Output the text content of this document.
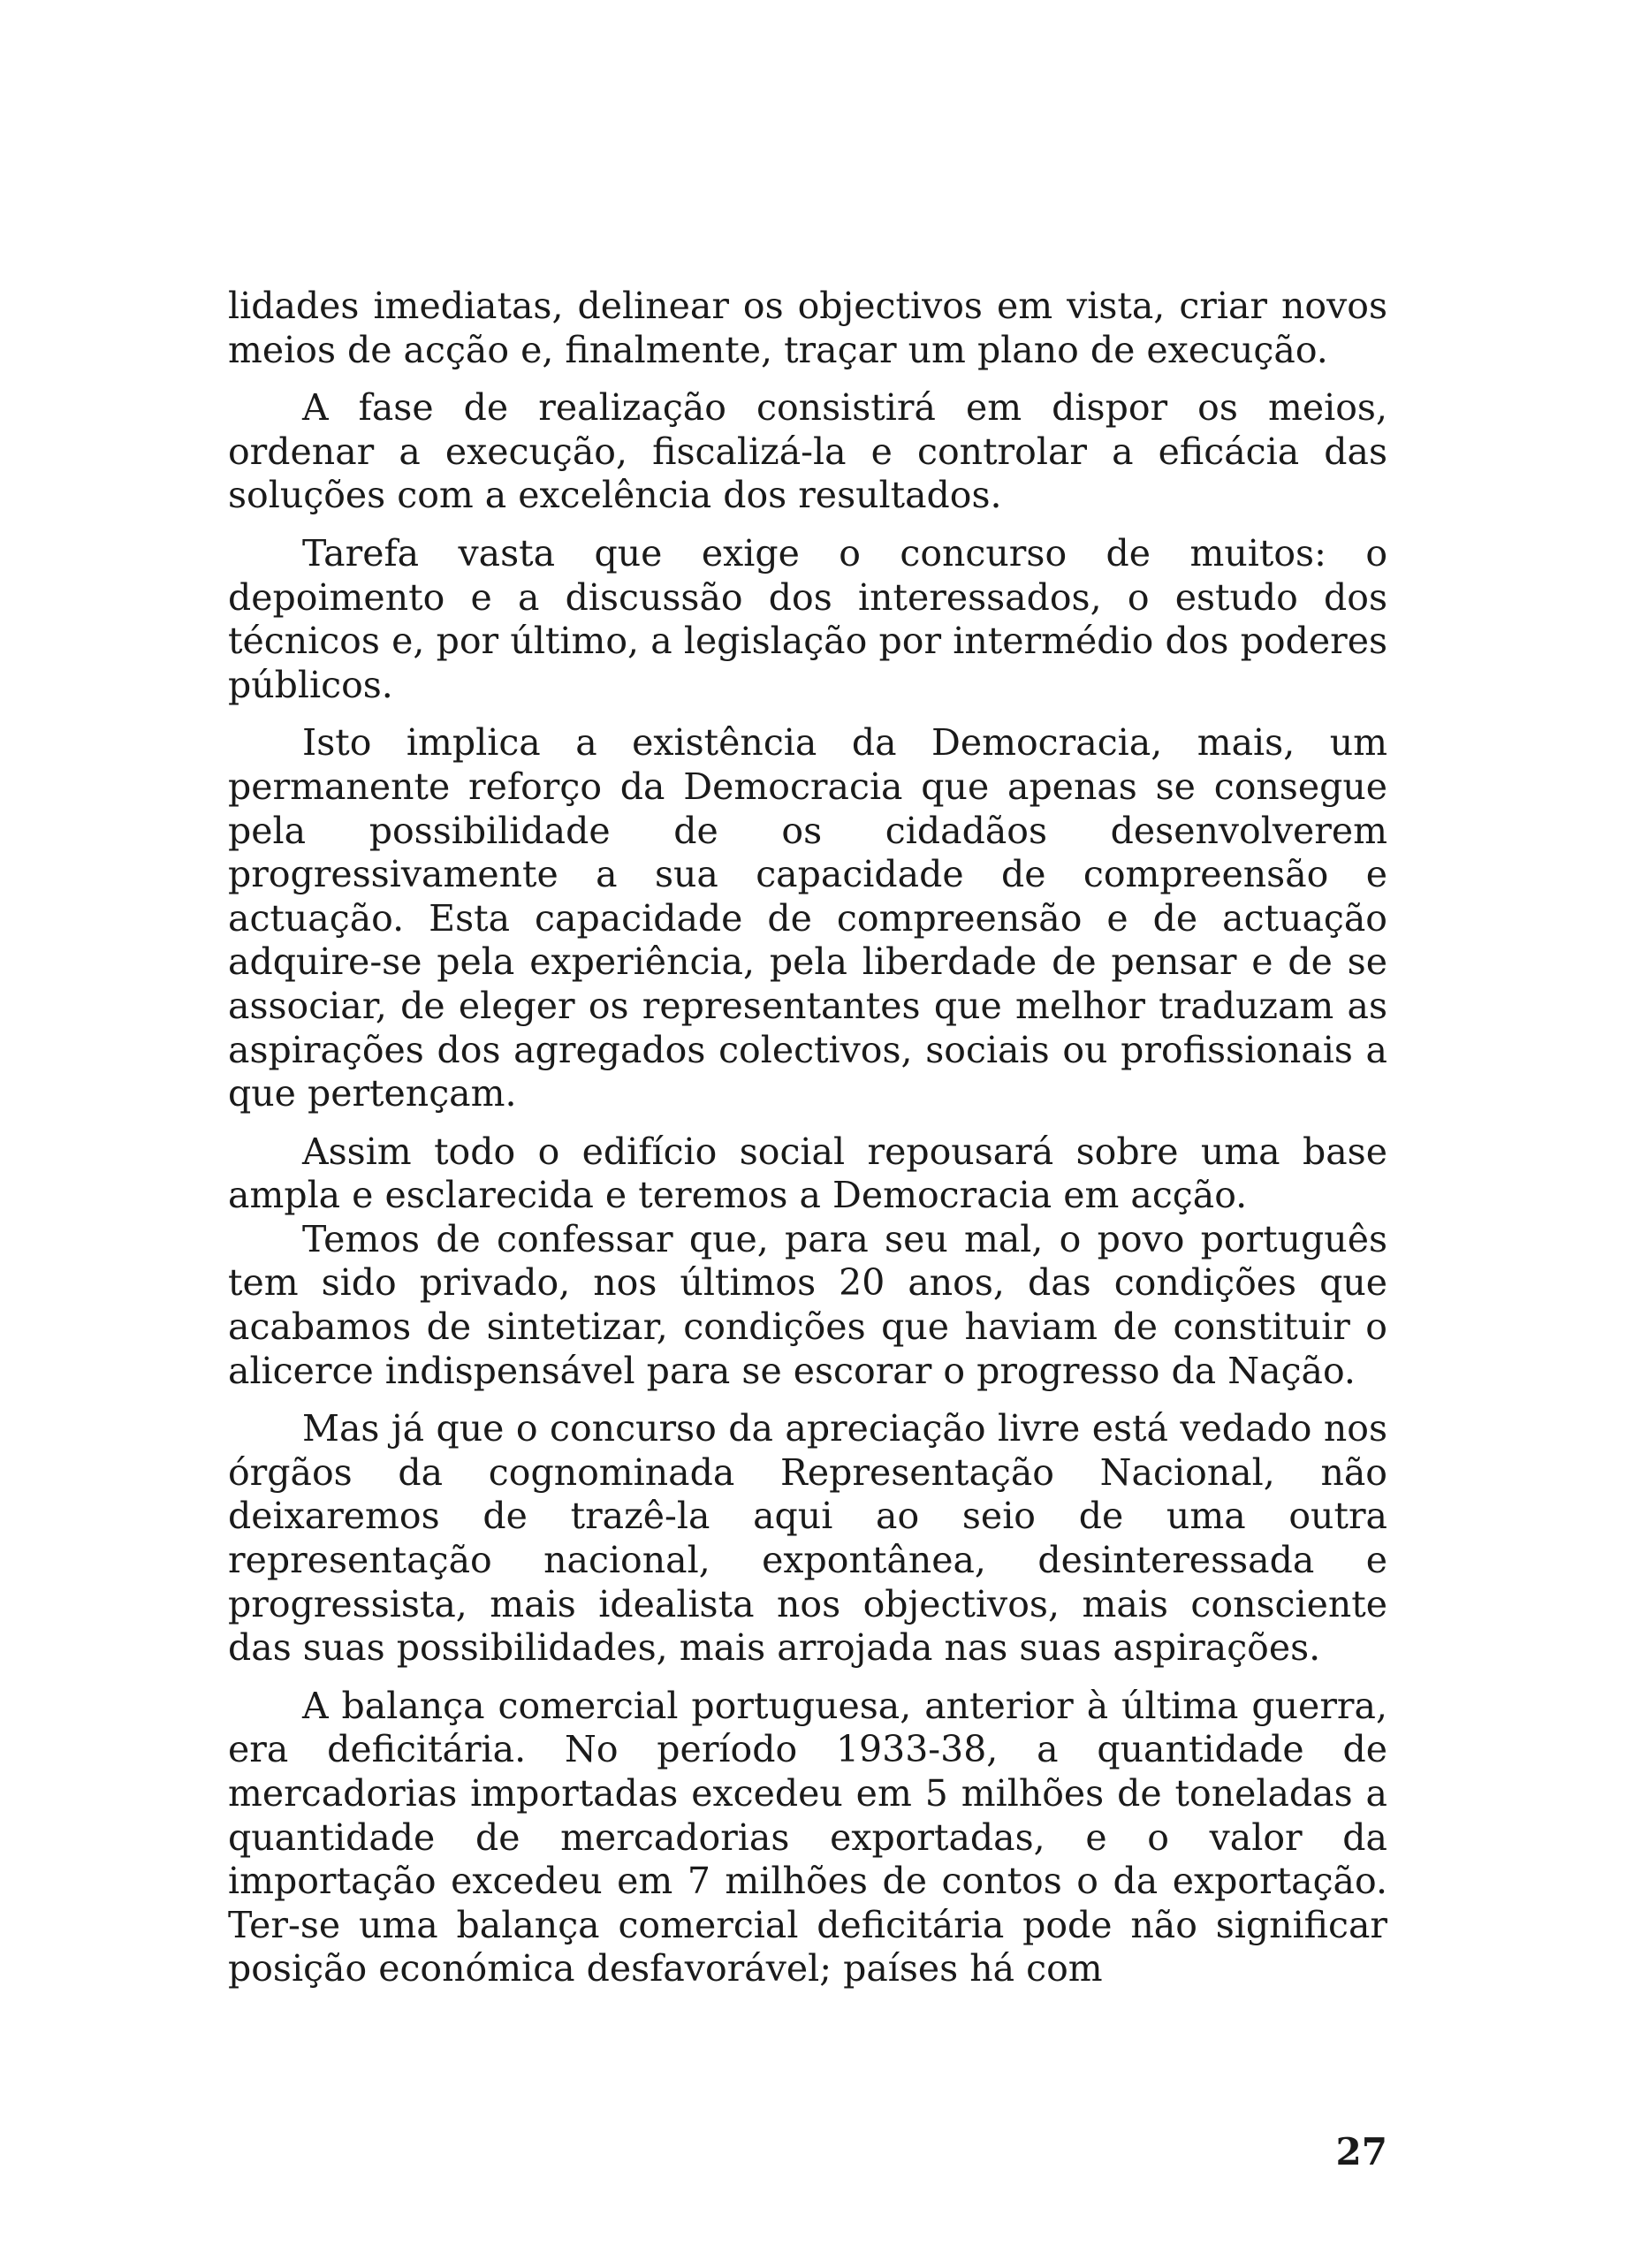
lidades imediatas, delinear os objectivos em vista, criar novos meios de acção e, finalmente, traçar um plano de execução.

A fase de realização consistirá em dispor os meios, ordenar a execução, fiscalizá-la e controlar a eficácia das soluções com a excelência dos resultados.

Tarefa vasta que exige o concurso de muitos: o depoimento e a discussão dos interessados, o estudo dos técnicos e, por último, a legislação por intermédio dos poderes públicos.

Isto implica a existência da Democracia, mais, um permanente reforço da Democracia que apenas se consegue pela possibilidade de os cidadãos desenvolverem progressivamente a sua capacidade de compreensão e actuação. Esta capacidade de compreensão e de actuação adquire-se pela experiência, pela liberdade de pensar e de se associar, de eleger os representantes que melhor traduzam as aspirações dos agregados colectivos, sociais ou profissionais a que pertençam.

Assim todo o edifício social repousará sobre uma base ampla e esclarecida e teremos a Democracia em acção.

Temos de confessar que, para seu mal, o povo português tem sido privado, nos últimos 20 anos, das condições que acabamos de sintetizar, condições que haviam de constituir o alicerce indispensável para se escorar o progresso da Nação.

Mas já que o concurso da apreciação livre está vedado nos órgãos da cognominada Representação Nacional, não deixaremos de trazê-la aqui ao seio de uma outra representação nacional, expontânea, desinteressada e progressista, mais idealista nos objectivos, mais consciente das suas possibilidades, mais arrojada nas suas aspirações.

A balança comercial portuguesa, anterior à última guerra, era deficitária. No período 1933-38, a quantidade de mercadorias importadas excedeu em 5 milhões de toneladas a quantidade de mercadorias exportadas, e o valor da importação excedeu em 7 milhões de contos o da exportação. Ter-se uma balança comercial deficitária pode não significar posição económica desfavorável; países há com

27
